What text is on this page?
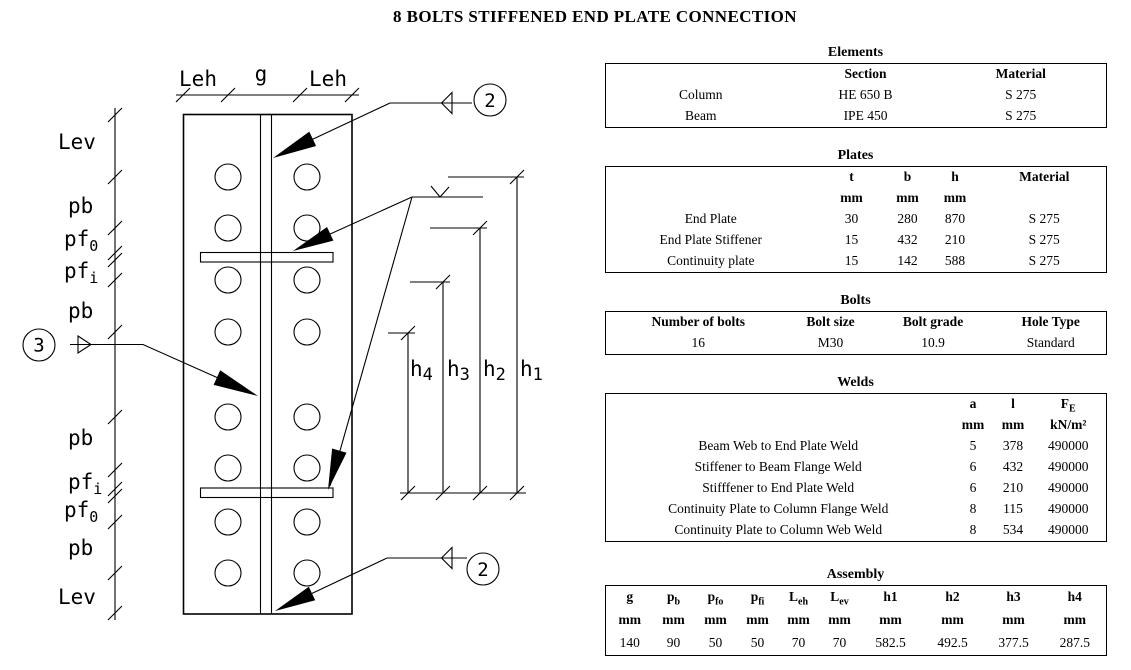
8 BOLTS STIFFENED END PLATE CONNECTION
Leh g Leh
Lev
pb
$pf_0$
$pf_i$
pb
pb
$pf_i$
$pf_0$
pb
Lev
h4 h3 h2 h1
2
3
2
Elements
	Section	Material
Column	HE 650 B	S 275
Beam	IPE 450	S 275
Plates
	t	b	h	Material
	mm	mm	mm	
End Plate	30	280	870	S 275
End Plate Stiffener	15	432	210	S 275
Continuity plate	15	142	588	S 275
Bolts
Number of bolts	Bolt size	Bolt grade	Hole Type
16	M30	10.9	Standard
Welds
	a	l	$F_E$
	mm	mm	kN/m²
Beam Web to End Plate Weld	5	378	490000
Stiffener to Beam Flange Weld	6	432	490000
Stifffener to End Plate Weld	6	210	490000
Continuity Plate to Column Flange Weld	8	115	490000
Continuity Plate to Column Web Weld	8	534	490000
Assembly
g	$p_b$	$p_{fo}$	$p_{fi}$	$L_{eh}$	$L_{ev}$	h1	h2	h3	h4
mm	mm	mm	mm	mm	mm	mm	mm	mm	mm
140	90	50	50	70	70	582.5	492.5	377.5	287.5
